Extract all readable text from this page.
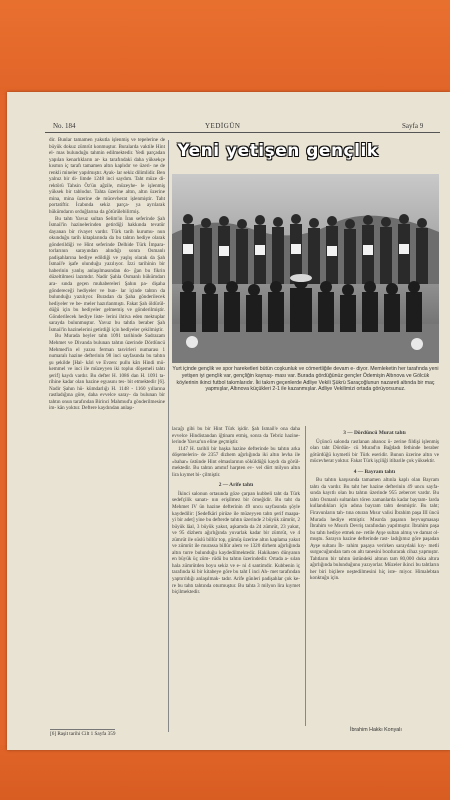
No. 184	YEDİGÜN	Sayfa 9

dir. Bunlar tamamen yakutla işlenmiş ve tepelerine de büyük dokuz zümrüt konmuştur. Buralarda vaktile Hint el- mas bulunduğu tahmin edilmektedir. Yedi parçadan yapılan kenarlıkların ar- ka tarafındaki daha yüksekçe kısmın iç tarafı tamamen altın kaplıdır ve üzeri- ne de renkli mineler yapılmıştır. Ayak- lar sekiz dilimlidir. Ben yalnız bir di- limde 1248 inci saydım. Taht müze di- rektörü Tahsin Öz'ün ağzile, müzeyhe- le işlenmiş yüksek bir tablodur. Tahta üzerine altın, altın üzerine mina, mina üzerine de mücevherat işlenmiştir. Taht portatiftir. İcabında sekiz parça- ya ayrılarak hükümdarın orduğlarına da götürülebilirmiş.

Bu tahtı Yavuz sultan Selim'in İran seferinde Şah İsmail'in hazinelerinden getirdiği hakkında tevatür dayanan bir rivayet vardır. Türk tarih kurumu- nun okunduğu tarih kitaplarında da bu tahtın hediye olarak gönderildiği ve Hint seferinde Delhide Türk İmpara- torlarının sarayından alındığı sonra Osmanlı padişahlarına hediye edildiği ve yaşlış olarak da Şah İsmail'e işafe olunduğu yazılıyor. İzzi tarihinin bir haberinin yanlış anlaşılmasından do- ğan bu fikrin düzeltilmesi lazımdır. Nadir Şahla Osmanlı hükümdarı ara- sında geçen muhabereleri Şahın pa- dişaha göndereceği hediyeler ve bun- lar içinde tahtın da bulunduğu yazılıyor. Buradan da Şaha gönderilecek hediyeler ve be- meler hazırlanmıştı. Fakat Şah öldürül- düğü için bu hediyeler gelmemiş ve gönderilmiştir. Gönderilecek hediye liste- lerini ihtiva eden mektuplar sarayda bulunmuştur. Yavuz bu tahtla beraber Şah İsmail'in hazinelerini getirdiği için hediyeler çekilmiştir.

Bu Murada beyler tahtı 1091 tarihinde Sadrazam Mehmet ve Divanda bulunan tahtın üzerinde Dördüncü Mehmed'in el yazısı ferman tasvirleri numarası 1 numaralı hazine defterinin 98 inci sayfasında bu tahtın şu şekilde [Hal- kâri ve Evzen: pullu kârı Hindi mü- kemmel ve inci ile müzeyyen iki topluı döşemeli tahtı şerif] kaydı vardır. Bu defter H. 1086 dan H. 1091 ta- rihine kadar olan hazine eşyasını tes- bit etmektedir [6]. Nadir Şahın hü- kümdarlığı H. 1148 - 1160 yıllarına rastladığına göre, daha evvelce saray- da bulunan bir tahtın onun tarafından Birinci Mahmud'a gönderilmesine im- kân yoktur. Deftere kaydından anlaşı-

Yeni yetişen gençlik
Yurt içinde gençlik ve spor hareketleri bütün coşkunluk ve cömertliğile devam e- diyor. Memleketin her tarafında yeni yetişen iyi gençlik var, gençliğin kaynaş- ması var. Burada gördüğünüz gençler Ödemişin Altınova ve Gölcük köylerinin ikinci futbol takımlarıdır. İki takım geçenlerde Adliye Vekili Şükrü Saraçoğlunun nazareti altında bir maç yapmışlar, Altınova küçükleri 2-1 ile kazanmışlar. Adliye Vekilimizi ortada görüyorsunuz.

lacağı gibi bu bir Hint Türk işidir. Şah İsmail'e ona daha evvelce Hindistandan iğtinam etmiş, sonra da Tebriz hazine- lerinde Yavuz'un eline geçmiştir.

1147 H. tarihli bir başka hazine defterinde bu tahtın arka döşemelerin- de 2357 dizhem ağırlığında iki altın levha ile «bahar» üstünde Hint elmaslarının söküldüğü kaydı da görül- mektedir. Bu tahtın ammıf harpten ev- vel dört milyon altın lira kıymet bi- çilmiştir.

2 — Arife tahtı

İkinci salonun ortasında göze çarpan kubbeli taht da Türk sedefçilik sanatı- nın erişilmez bir örneğidir. Bu taht da Mehmet IV ün hazine defterinin 49 uncu sayfasında şöyle kaydedilir: [Sedefkâri pirüze ile müzeyyen tahtı şerif maapa- yi bir adet] yine bu defterde tahtın üzerinde 2 büyük zümrüt, 2 büyük lâal, 3 büyük yakut, aşkamda da 24 zümrüt, 23 yakut, ve 95 dizhem ağırlığında yuvarlak kadar bir zümrüt, ve 4 zümrüt ile süslü billûr top, gümüş üzerine altın kaplama yakut ve zümrüt ile murassa billûr alem ve 1320 dirhem ağırlığında altın turre bulunduğu kaydedilmektedir. Hakikaten dünyanın en büyük üç züm- rüdü bu tahtın üzerindedir. Ortada a- sılan hala zümrütden boyu sekiz ve e- ni 4 santimdir. Kubbenin iç tarafında ki bir kitabeye göre bu taht I inci Ah- met tarafından yaptırıldığı anlaşılmak- tadır. Arife günleri padişahlar çok ke- re bu tahtı tahtında oturmuştur. Bu tahta 3 milyon lira kıymet biçilmektedir.

3 — Dördüncü Murat tahtı

Üçüncü salonda rastlanan abanoz ü- zerine fildişi işlenmiş olan taht Dördün- cü Murad'ın Bağdadı fethinde beraber götürdüğü kıymetli bir Türk eseridir. Bunun üzerine altın ve mücevherat yoktur. Fakat Türk işçiliği itibarile çok yüksektir.

4 — Bayram tahtı

Bu tahtın karşısında tamamen altınla kaplı olan Bayram tahtı da vardır. Bu taht her hazine defterinin 49 uncu sayfa- sında kayıtlı olan bu tahtın üzerinde 955 zebercet vardır. Bu tahtı Osmanlı sultanları tören zamanlarda kadar bayram- larda kullandıkları için adına bayram tahtı denmiştir. Bu taht; Firavunların tah- tına oturan Mısır valisi İbrahim paşa III üncü Murada hediye etmiştir. Mısırda paşanın beyvuşmasaşı İbrahim ve Mısırlı Devriş tarafından yapılmıştır. İbrahim paşa bu tahtı hediye etmek ne- retile Ayşe sultan almış ve damat ol- muştu. Sarayın hazine defterinde rast- ladığımız göre paşadan Ayşe sultanı İb- rahim paşaya verirken saraydaki kıy- metli surgucuğundan tam on altı tanesini bozdurarak cihaz yapmıştır. Tahtların bir tahtın üstündeki altının tam 80,000 duka altıra ağırlığında bulunduğunu yazıyorlar. Müzeler ikinci bu tahtların her biri biçilere neştedilmesini hiç iste- miyor. Himalebtan konktuğu için.

[6] Raşit tarihi Cilt 1 Sayfa 359
İbrahim Hakkı Konyalı
